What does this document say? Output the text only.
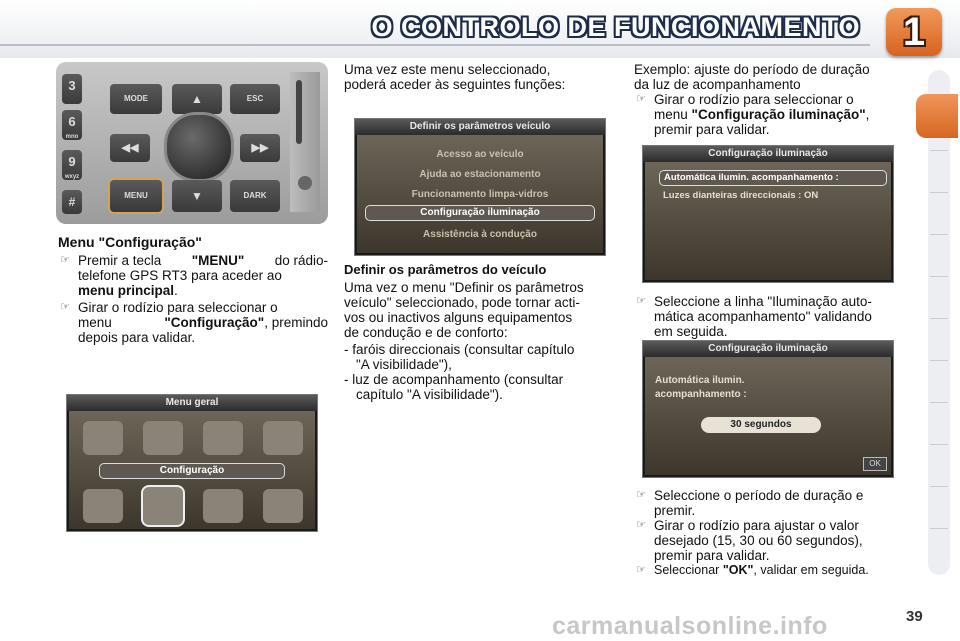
O CONTROLO DE FUNCIONAMENTO	1
3
6
mno
9
wxyz
#
MODE	▲	ESC
◀◀	▶▶
MENU	▼	DARK
Menu "Configuração"
☞ Premir a tecla "MENU" do rádio-
telefone GPS RT3 para aceder ao
menu principal.
☞ Girar o rodízio para seleccionar o
menu	"Configuração", premindo
depois para validar.
Menu geral
Configuração
Uma vez este menu seleccionado,
poderá aceder às seguintes funções:
Definir os parâmetros veículo
Acesso ao veículo
Ajuda ao estacionamento
Funcionamento limpa-vidros
Configuração iluminação
Assistência à condução
Definir os parâmetros do veículo
Uma vez o menu "Definir os parâmetros
veículo" seleccionado, pode tornar acti-
vos ou inactivos alguns equipamentos
de condução e de conforto:
- faróis direccionais (consultar capítulo
"A visibilidade"),
- luz de acompanhamento (consultar
capítulo "A visibilidade").
Exemplo: ajuste do período de duração
da luz de acompanhamento
☞ Girar o rodízio para seleccionar o
menu "Configuração iluminação",
premir para validar.
Configuração iluminação
Automática ilumin. acompanhamento :
Luzes dianteiras direccionais : ON
☞ Seleccione a linha "Iluminação auto-
mática acompanhamento" validando
em seguida.
Configuração iluminação
Automática ilumin.
acompanhamento :
30 segundos
OK
☞ Seleccione o período de duração e
premir.
☞ Girar o rodízio para ajustar o valor
desejado (15, 30 ou 60 segundos),
premir para validar.
☞ Seleccionar "OK", validar em seguida.
39
carmanualsonline.info
